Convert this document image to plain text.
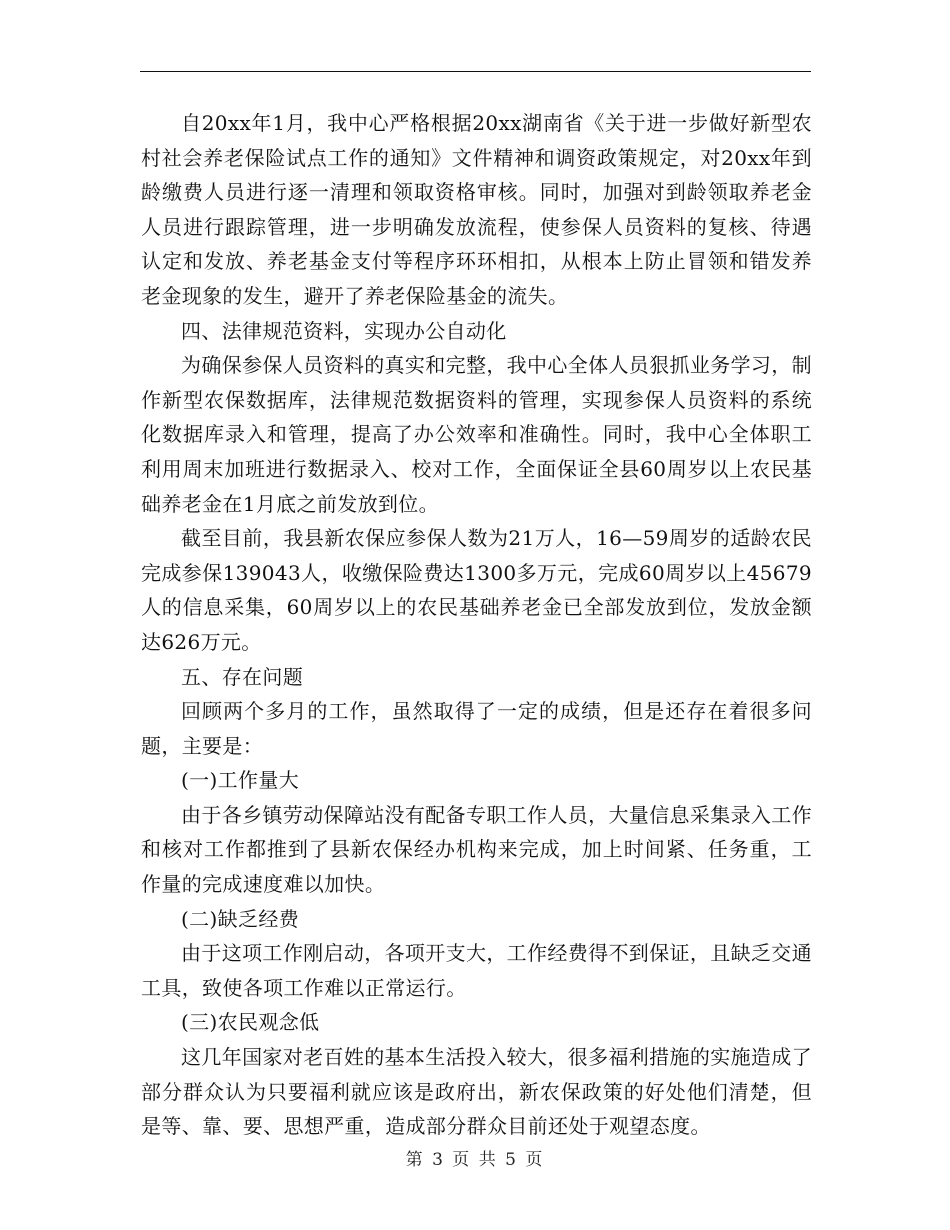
自20xx年1月，我中心严格根据20xx湖南省《关于进一步做好新型农村社会养老保险试点工作的通知》文件精神和调资政策规定，对20xx年到龄缴费人员进行逐一清理和领取资格审核。同时，加强对到龄领取养老金人员进行跟踪管理，进一步明确发放流程，使参保人员资料的复核、待遇认定和发放、养老基金支付等程序环环相扣，从根本上防止冒领和错发养老金现象的发生，避开了养老保险基金的流失。

四、法律规范资料，实现办公自动化

为确保参保人员资料的真实和完整，我中心全体人员狠抓业务学习，制作新型农保数据库，法律规范数据资料的管理，实现参保人员资料的系统化数据库录入和管理，提高了办公效率和准确性。同时，我中心全体职工利用周末加班进行数据录入、校对工作，全面保证全县60周岁以上农民基础养老金在1月底之前发放到位。

截至目前，我县新农保应参保人数为21万人，16—59周岁的适龄农民完成参保139043人，收缴保险费达1300多万元，完成60周岁以上45679人的信息采集，60周岁以上的农民基础养老金已全部发放到位，发放金额达626万元。

五、存在问题

回顾两个多月的工作，虽然取得了一定的成绩，但是还存在着很多问题，主要是：

(一)工作量大

由于各乡镇劳动保障站没有配备专职工作人员，大量信息采集录入工作和核对工作都推到了县新农保经办机构来完成，加上时间紧、任务重，工作量的完成速度难以加快。

(二)缺乏经费

由于这项工作刚启动，各项开支大，工作经费得不到保证，且缺乏交通工具，致使各项工作难以正常运行。

(三)农民观念低

这几年国家对老百姓的基本生活投入较大，很多福利措施的实施造成了部分群众认为只要福利就应该是政府出，新农保政策的好处他们清楚，但是等、靠、要、思想严重，造成部分群众目前还处于观望态度。

第 3 页 共 5 页
